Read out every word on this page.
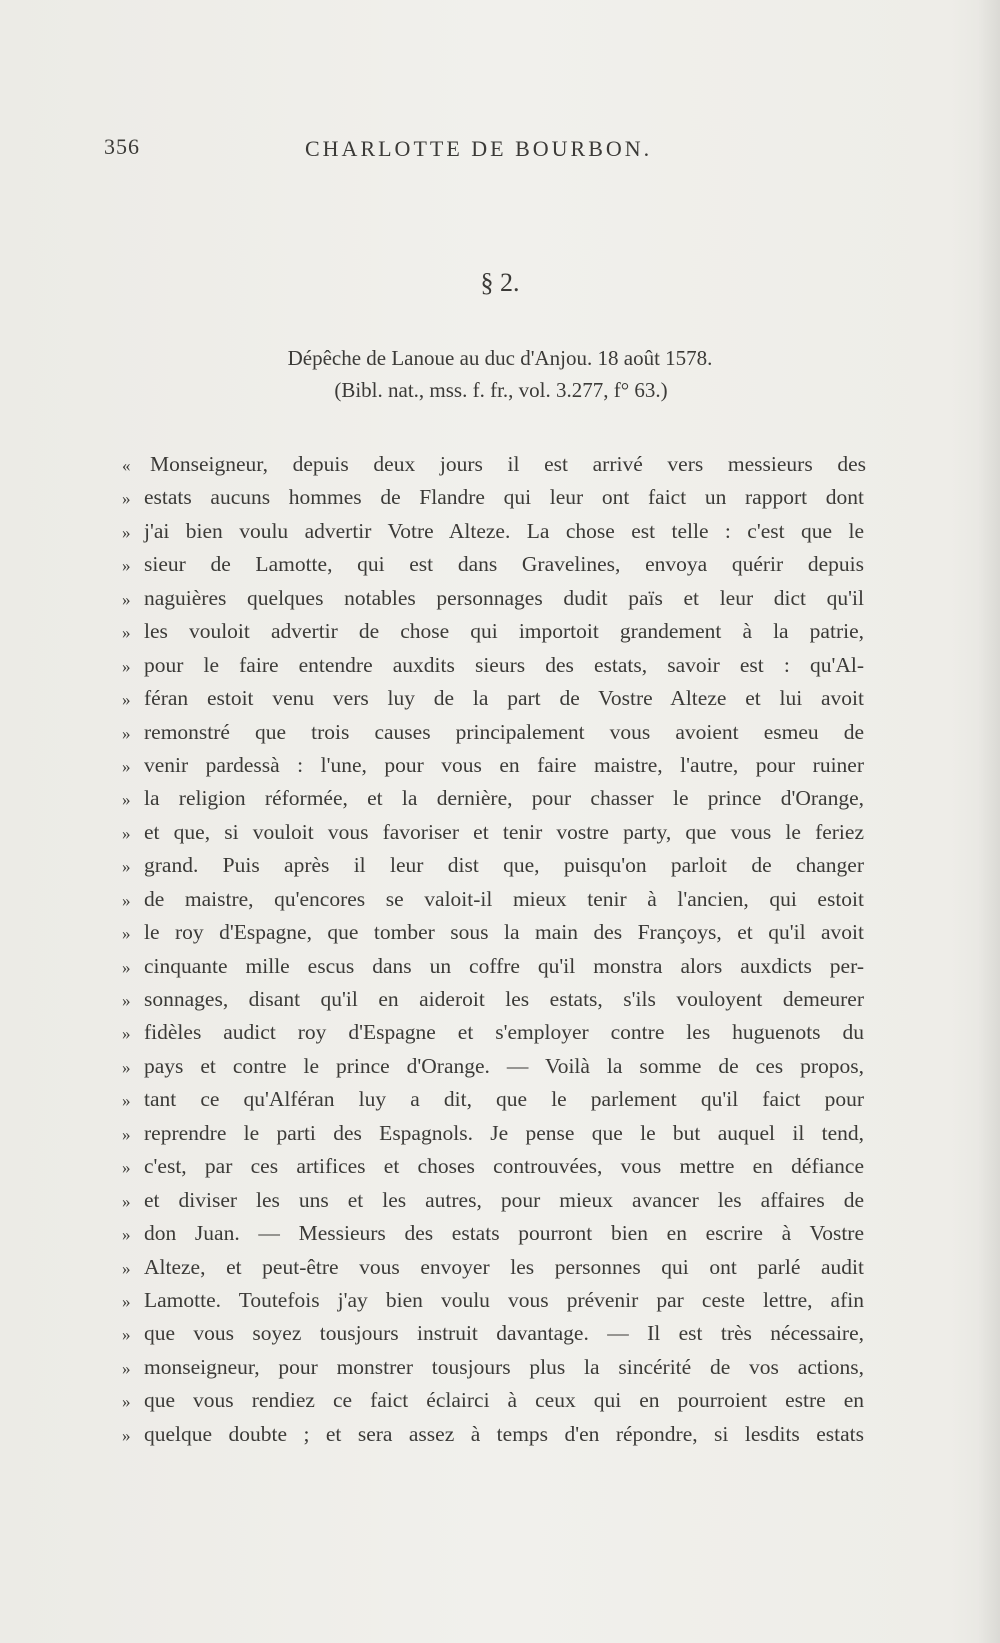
356	CHARLOTTE DE BOURBON.
§ 2.
Dépêche de Lanoue au duc d'Anjou. 18 août 1578.
(Bibl. nat., mss. f. fr., vol. 3.277, f° 63.)
« Monseigneur, depuis deux jours il est arrivé vers messieurs des
» estats aucuns hommes de Flandre qui leur ont faict un rapport dont
» j'ai bien voulu advertir Votre Alteze. La chose est telle : c'est que le
» sieur de Lamotte, qui est dans Gravelines, envoya quérir depuis
» naguières quelques notables personnages dudit païs et leur dict qu'il
» les vouloit advertir de chose qui importoit grandement à la patrie,
» pour le faire entendre auxdits sieurs des estats, savoir est : qu'Al-
» féran estoit venu vers luy de la part de Vostre Alteze et lui avoit
» remonstré que trois causes principalement vous avoient esmeu de
» venir pardessà : l'une, pour vous en faire maistre, l'autre, pour ruiner
» la religion réformée, et la dernière, pour chasser le prince d'Orange,
» et que, si vouloit vous favoriser et tenir vostre party, que vous le feriez
» grand. Puis après il leur dist que, puisqu'on parloit de changer
» de maistre, qu'encores se valoit-il mieux tenir à l'ancien, qui estoit
» le roy d'Espagne, que tomber sous la main des Françoys, et qu'il avoit
» cinquante mille escus dans un coffre qu'il monstra alors auxdicts per-
» sonnages, disant qu'il en aideroit les estats, s'ils vouloyent demeurer
» fidèles audict roy d'Espagne et s'employer contre les huguenots du
» pays et contre le prince d'Orange. — Voilà la somme de ces propos,
» tant ce qu'Alféran luy a dit, que le parlement qu'il faict pour
» reprendre le parti des Espagnols. Je pense que le but auquel il tend,
» c'est, par ces artifices et choses controuvées, vous mettre en défiance
» et diviser les uns et les autres, pour mieux avancer les affaires de
» don Juan. — Messieurs des estats pourront bien en escrire à Vostre
» Alteze, et peut-être vous envoyer les personnes qui ont parlé audit
» Lamotte. Toutefois j'ay bien voulu vous prévenir par ceste lettre, afin
» que vous soyez tousjours instruit davantage. — Il est très nécessaire,
» monseigneur, pour monstrer tousjours plus la sincérité de vos actions,
» que vous rendiez ce faict éclairci à ceux qui en pourroient estre en
» quelque doubte ; et sera assez à temps d'en répondre, si lesdits estats
